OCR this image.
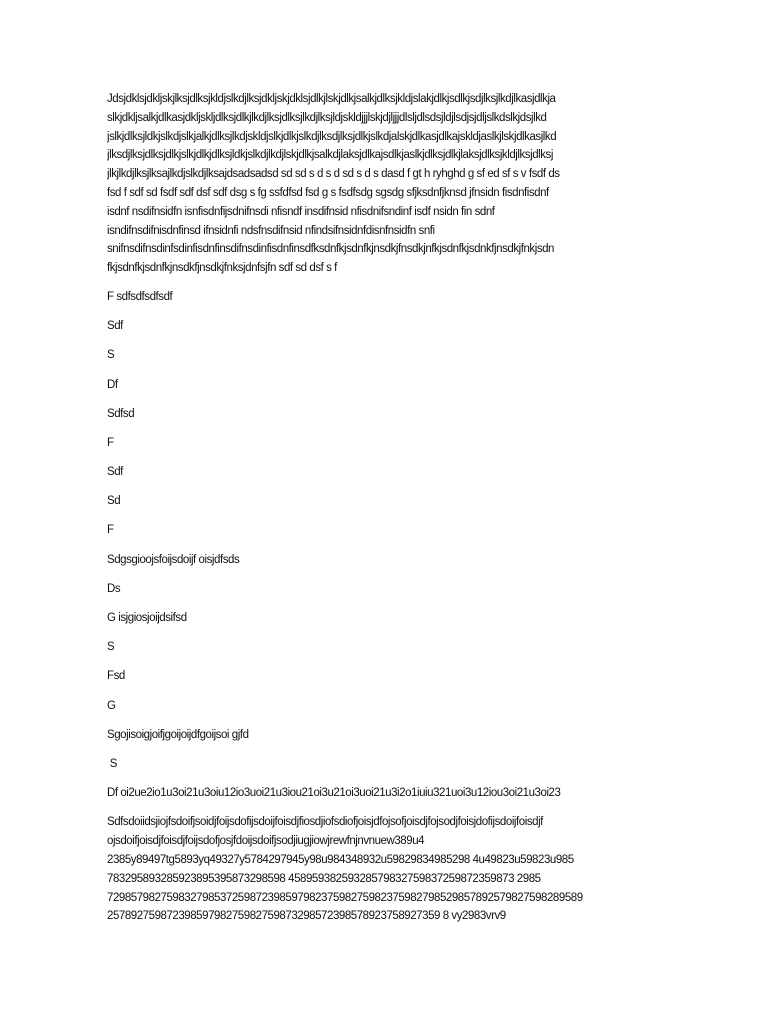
Jdsjdklsjdkljskjlksjdlksjkldjslkdjlksjdkljskjdklsjdlkjlskjdlkjsalkjdlksjkldjslakjdlkjsdlkjsdjlksjlkdjlkasjdlkja
slkjdkljsalkjdlkasjdkljskljdlksjdlkjlkdjlksjdlksjlkdjlksjldjskldjjjlskjdjljjjdlsljdlsdsjldjlsdjsjdljslkdslkjdsjlkd
jslkjdlksjldkjslkdjslkjalkjdlksjlkdjskldjslkjdlkjslkdjlksdjlksjdlkjslkdjalskjdlkasjdlkajskldjaslkjlskjdlkasjlkd
jlksdjlksjdlksjdlkjslkjdlkjdlksjldkjslkdjlkdjlskjdlkjsalkdjlaksjdlkajsdlkjaslkjdlksjdlkjlaksjdlksjkldjlksjdlksj
jlkjlkdjlksjlksajlkdjslkdjlksajdsadsadsd sd sd s d s d sd s d s dasd f gt h ryhghd g sf ed sf s v fsdf ds
fsd f sdf sd fsdf sdf dsf sdf dsg s fg ssfdfsd fsd g s fsdfsdg sgsdg sfjksdnfjknsd jfnsidn fisdnfisdnf
isdnf nsdifnsidfn isnfisdnfijsdnifnsdi nfisndf insdifnsid nfisdnifsndinf isdf nsidn fin sdnf
isndifnsdifnisdnfinsd ifnsidnfi ndsfnsdifnsid nfindsifnsidnfdisnfnsidfn snfi
snifnsdifnsdinfsdinfisdnfinsdifnsdinfisdnfinsdfksdnfkjsdnfkjnsdkjfnsdkjnfkjsdnfkjsdnkfjnsdkjfnkjsdn
fkjsdnfkjsdnfkjnsdkfjnsdkjfnksjdnfsjfn sdf sd dsf s f

F sdfsdfsdfsdf

Sdf

S

Df

Sdfsd

F

Sdf

Sd

F

Sdgsgioojsfoijsdoijf oisjdfsds

Ds

G isjgiosjoijdsifsd

S

Fsd

G

Sgojisoigjoifjgoijoijdfgoijsoi gjfd

S

Df oi2ue2io1u3oi21u3oiu12io3uoi21u3iou21oi3u21oi3uoi21u3i2o1iuiu321uoi3u12iou3oi21u3oi23

Sdfsdoiidsjiojfsdoifjsoidjfoijsdofijsdoijfoisdjfiosdjiofsdiofjoisjdfojsofjoisdjfojsodjfoisjdofijsdoijfoisdjf
ojsdoifjoisdjfoisdjfoijsdofjosjfdoijsdoifjsodjiugjiowjrewfnjnvnuew389u4
2385y89497tg5893yq49327y5784297945y98u984348932u59829834985298 4u49823u59823u985
783295893285923895395873298598 45895938259328579832759837259872359873 2985
72985798275983279853725987239859798237598275982375982798529857892579827598289589
25789275987239859798275982759873298572398578923758927359 8 vy2983vrv9
